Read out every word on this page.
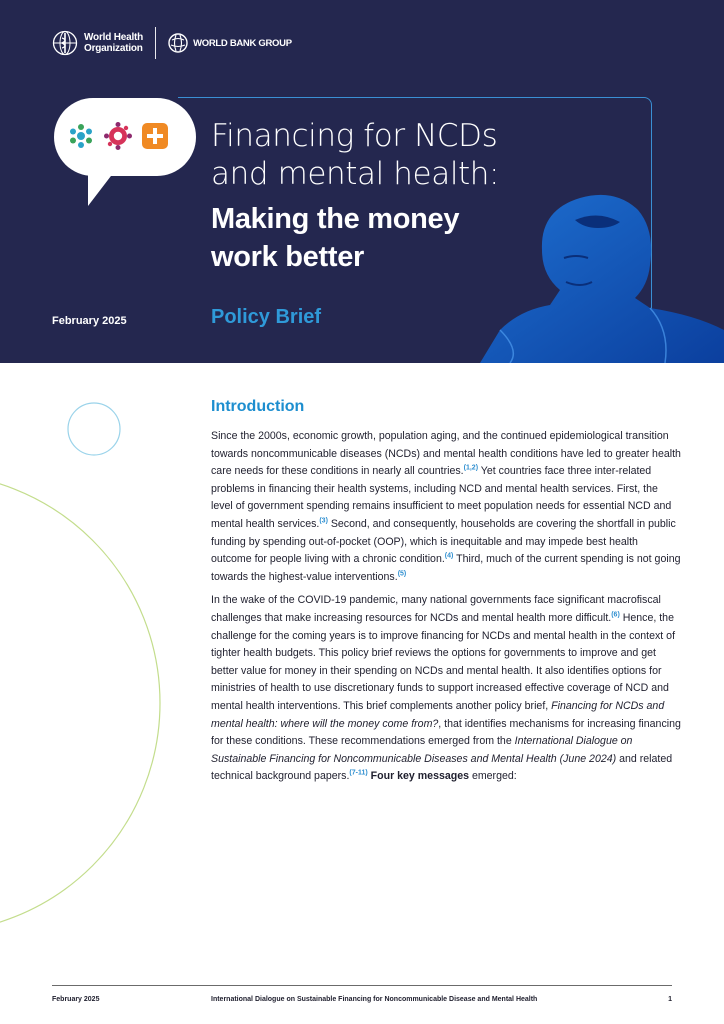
World Health
Organization	WORLD BANK GROUP
Financing for NCDs
and mental health:
Making the money
work better
February 2025	Policy Brief
Introduction

Since the 2000s, economic growth, population aging, and the continued epidemiological transition towards noncommunicable diseases (NCDs) and mental health conditions have led to greater health care needs for these conditions in nearly all countries.$^{(1,2)}$ Yet countries face three inter-related problems in financing their health systems, including NCD and mental health services. First, the level of government spending remains insufficient to meet population needs for essential NCD and mental health services.$^{(3)}$ Second, and consequently, households are covering the shortfall in public funding by spending out-of-pocket (OOP), which is inequitable and may impede best health outcome for people living with a chronic condition.$^{(4)}$ Third, much of the current spending is not going towards the highest-value interventions.$^{(5)}$

In the wake of the COVID-19 pandemic, many national governments face significant macrofiscal challenges that make increasing resources for NCDs and mental health more difficult.$^{(6)}$ Hence, the challenge for the coming years is to improve financing for NCDs and mental health in the context of tighter health budgets. This policy brief reviews the options for governments to improve and get better value for money in their spending on NCDs and mental health. It also identifies options for ministries of health to use discretionary funds to support increased effective coverage of NCD and mental health interventions. This brief complements another policy brief, Financing for NCDs and mental health: where will the money come from?, that identifies mechanisms for increasing financing for these conditions. These recommendations emerged from the International Dialogue on Sustainable Financing for Noncommunicable Diseases and Mental Health (June 2024) and related technical background papers.$^{(7-11)}$ Four key messages emerged:

February 2025	International Dialogue on Sustainable Financing for Noncommunicable Disease and Mental Health	1
